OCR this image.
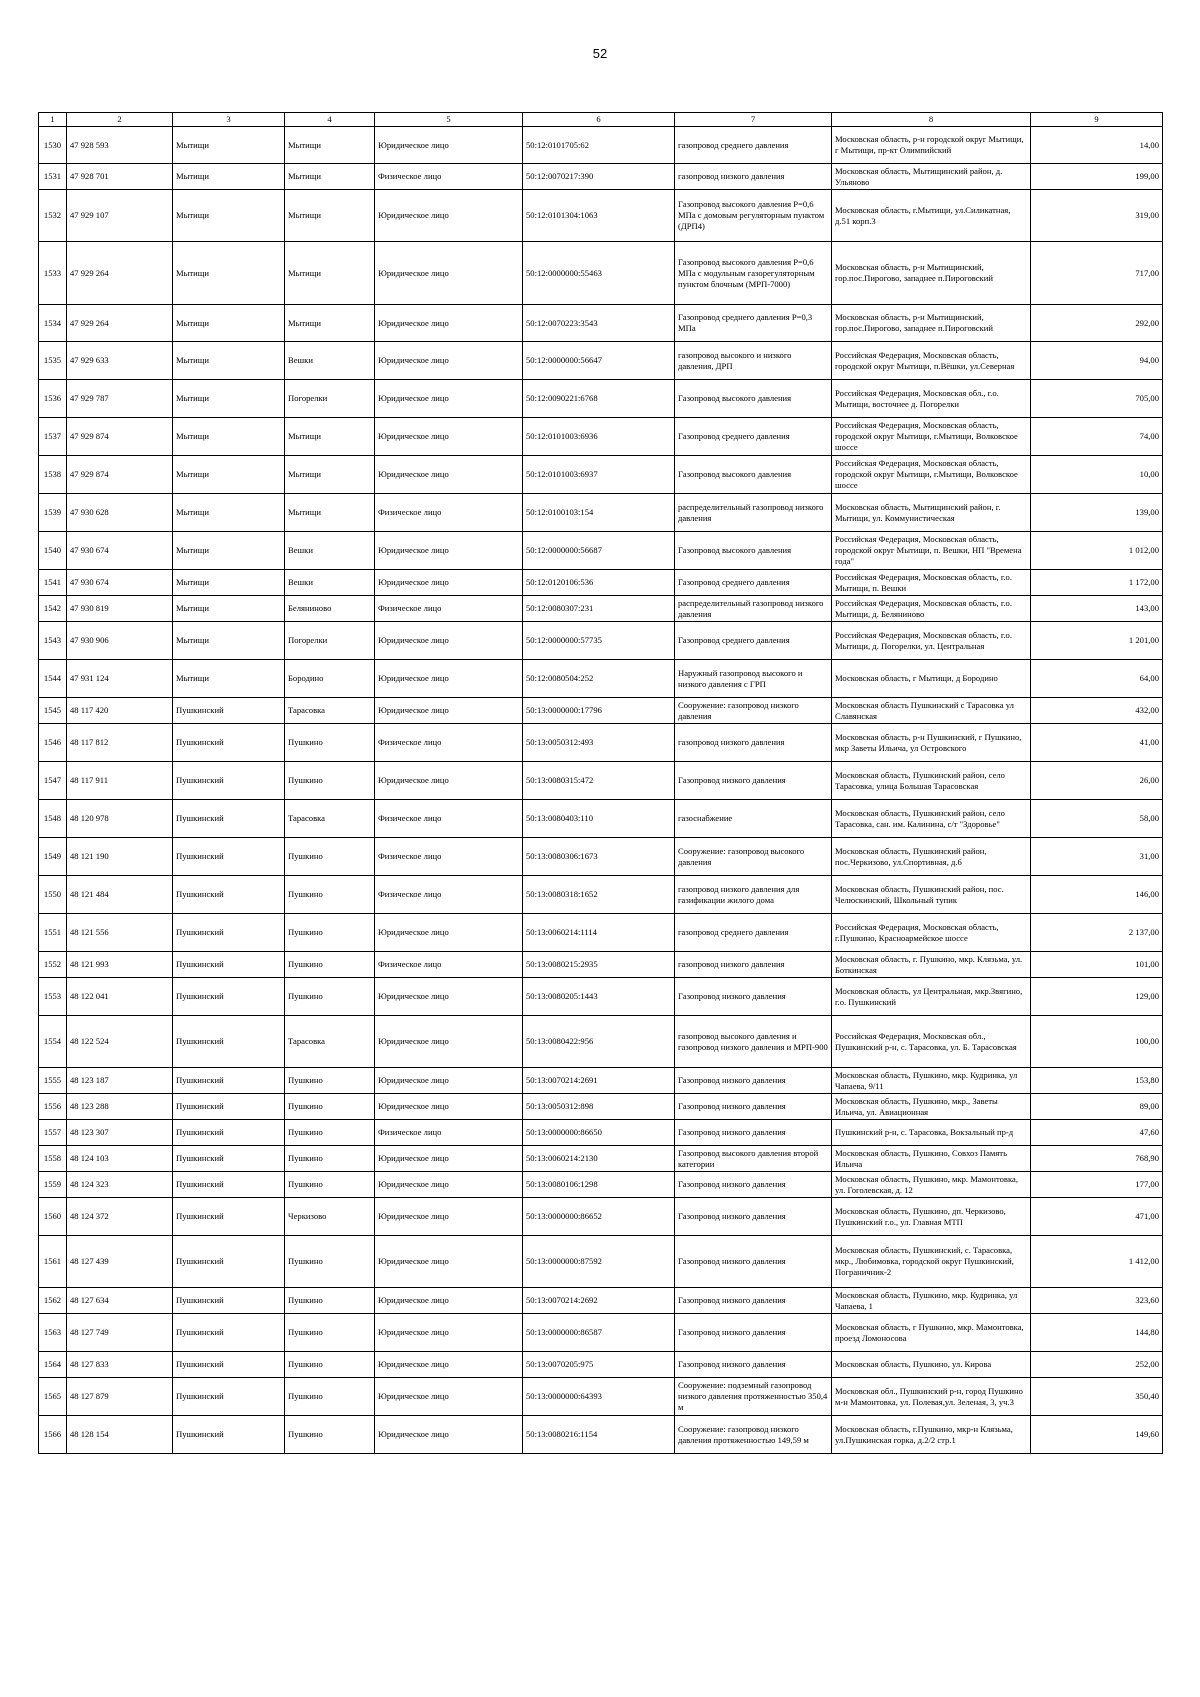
52
1	2	3	4	5	6	7	8	9
1530	47 928 593	Мытищи	Мытищи	Юридическое лицо	50:12:0101705:62	газопровод среднего давления	Московская область, р-н городской округ Мытищи, г Мытищи, пр-кт Олимпийский	14,00
1531	47 928 701	Мытищи	Мытищи	Физическое лицо	50:12:0070217:390	газопровод низкого давления	Московская область, Мытищинский район, д. Ульяново	199,00
1532	47 929 107	Мытищи	Мытищи	Юридическое лицо	50:12:0101304:1063	Газопровод высокого давления Р=0,6 МПа с домовым регуляторным пунктом (ДРП4)	Московская область, г.Мытищи, ул.Силикатная, д.51 корп.3	319,00
1533	47 929 264	Мытищи	Мытищи	Юридическое лицо	50:12:0000000:55463	Газопровод высокого давления Р=0,6 МПа с модульным газорегуляторным пунктом блочным (МРП-7000)	Московская область, р-н Мытищинский, гор.пос.Пирогово, западнее п.Пироговский	717,00
1534	47 929 264	Мытищи	Мытищи	Юридическое лицо	50:12:0070223:3543	Газопровод среднего давления Р=0,3 МПа	Московская область, р-н Мытищинский, гор.пос.Пирогово, западнее п.Пироговский	292,00
1535	47 929 633	Мытищи	Вешки	Юридическое лицо	50:12:0000000:56647	газопровод высокого и низкого давления, ДРП	Российская Федерация, Московская область, городской округ Мытищи, п.Вёшки, ул.Северная	94,00
1536	47 929 787	Мытищи	Погорелки	Юридическое лицо	50:12:0090221:6768	Газопровод высокого давления	Российская Федерация, Московская обл., г.о. Мытищи, восточнее д. Погорелки	705,00
1537	47 929 874	Мытищи	Мытищи	Юридическое лицо	50:12:0101003:6936	Газопровод среднего давления	Российская Федерация, Московская область, городской округ Мытищи, г.Мытищи, Волковское шоссе	74,00
1538	47 929 874	Мытищи	Мытищи	Юридическое лицо	50:12:0101003:6937	Газопровод высокого давления	Российская Федерация, Московская область, городской округ Мытищи, г.Мытищи, Волковское шоссе	10,00
1539	47 930 628	Мытищи	Мытищи	Физическое лицо	50:12:0100103:154	распределительный газопровод низкого давления	Московская область, Мытищинский район, г. Мытищи, ул. Коммунистическая	139,00
1540	47 930 674	Мытищи	Вешки	Юридическое лицо	50:12:0000000:56687	Газопровод высокого давления	Российская Федерация, Московская область, городской округ Мытищи, п. Вешки, НП "Времена года"	1 012,00
1541	47 930 674	Мытищи	Вешки	Юридическое лицо	50:12:0120106:536	Газопровод среднего давления	Российская Федерация, Московская область, г.о. Мытищи, п. Вешки	1 172,00
1542	47 930 819	Мытищи	Беляниново	Физическое лицо	50:12:0080307:231	распределительный газопровод низкого давления	Российская Федерация, Московская область, г.о. Мытищи, д. Беляниново	143,00
1543	47 930 906	Мытищи	Погорелки	Юридическое лицо	50:12:0000000:57735	Газопровод среднего давления	Российская Федерация, Московская область, г.о. Мытищи, д. Погорелки, ул. Центральная	1 201,00
1544	47 931 124	Мытищи	Бородино	Юридическое лицо	50:12:0080504:252	Наружный газопровод высокого и низкого давления с ГРП	Московская область, г Мытищи, д Бородино	64,00
1545	48 117 420	Пушкинский	Тарасовка	Юридическое лицо	50:13:0000000:17796	Сооружение: газопровод низкого давления	Московская область Пушкинский с Тарасовка ул Славянская	432,00
1546	48 117 812	Пушкинский	Пушкино	Физическое лицо	50:13:0050312:493	газопровод низкого давления	Московская область, р-н Пушкинский, г Пушкино, мкр Заветы Ильича, ул Островского	41,00
1547	48 117 911	Пушкинский	Пушкино	Юридическое лицо	50:13:0080315:472	Газопровод низкого давления	Московская область, Пушкинский район, село Тарасовка, улица Большая Тарасовская	26,00
1548	48 120 978	Пушкинский	Тарасовка	Физическое лицо	50:13:0080403:110	газоснабжение	Московская область, Пушкинский район, село Тарасовка, сан. им. Калинина, с/т "Здоровье"	58,00
1549	48 121 190	Пушкинский	Пушкино	Физическое лицо	50:13:0080306:1673	Сооружение: газопровод высокого давления	Московская область, Пушкинский район, пос.Черкизово, ул.Спортивная, д.6	31,00
1550	48 121 484	Пушкинский	Пушкино	Физическое лицо	50:13:0080318:1652	газопровод низкого давления для газификации жилого дома	Московская область, Пушкинский район, пос. Челюскинский, Школьный тупик	146,00
1551	48 121 556	Пушкинский	Пушкино	Юридическое лицо	50:13:0060214:1114	газопровод среднего давления	Российская Федерация, Московская область, г.Пушкино, Красноармейское шоссе	2 137,00
1552	48 121 993	Пушкинский	Пушкино	Физическое лицо	50:13:0080215:2935	газопровод низкого давления	Московская область, г. Пушкино, мкр. Клязьма, ул. Боткинская	101,00
1553	48 122 041	Пушкинский	Пушкино	Юридическое лицо	50:13:0080205:1443	Газопровод низкого давления	Московская область, ул Центральная, мкр.Звягино, г.о. Пушкинский	129,00
1554	48 122 524	Пушкинский	Тарасовка	Юридическое лицо	50:13:0080422:956	газопровод высокого давления и газопровод низкого давления и МРП-900	Российская Федерация, Московская обл., Пушкинский р-н, с. Тарасовка, ул. Б. Тарасовская	100,00
1555	48 123 187	Пушкинский	Пушкино	Юридическое лицо	50:13:0070214:2691	Газопровод низкого давления	Московская область, Пушкино, мкр. Кудринка, ул Чапаева, 9/11	153,80
1556	48 123 288	Пушкинский	Пушкино	Юридическое лицо	50:13:0050312:898	Газопровод низкого давления	Московская область, Пушкино, мкр., Заветы Ильича, ул. Авиационная	89,00
1557	48 123 307	Пушкинский	Пушкино	Физическое лицо	50:13:0000000:86650	Газопровод низкого давления	Пушкинский р-н, с. Тарасовка, Вокзальный пр-д	47,60
1558	48 124 103	Пушкинский	Пушкино	Юридическое лицо	50:13:0060214:2130	Газопровод высокого давления второй категории	Московская область, Пушкино, Совхоз Память Ильича	768,90
1559	48 124 323	Пушкинский	Пушкино	Юридическое лицо	50:13:0080106:1298	Газопровод низкого давления	Московская область, Пушкино, мкр. Мамонтовка, ул. Гоголевская, д. 12	177,00
1560	48 124 372	Пушкинский	Черкизово	Юридическое лицо	50:13:0000000:86652	Газопровод низкого давления	Московская область, Пушкино, дп. Черкизово, Пушкинский г.о., ул. Главная МТП	471,00
1561	48 127 439	Пушкинский	Пушкино	Юридическое лицо	50:13:0000000:87592	Газопровод низкого давления	Московская область, Пушкинский, с. Тарасовка, мкр., Любимовка, городской округ Пушкинский, Пограничник-2	1 412,00
1562	48 127 634	Пушкинский	Пушкино	Юридическое лицо	50:13:0070214:2692	Газопровод низкого давления	Московская область, Пушкино, мкр. Кудринка, ул Чапаева, 1	323,60
1563	48 127 749	Пушкинский	Пушкино	Юридическое лицо	50:13:0000000:86587	Газопровод низкого давления	Московская область, г Пушкино, мкр. Мамонтовка, проезд Ломоносова	144,80
1564	48 127 833	Пушкинский	Пушкино	Юридическое лицо	50:13:0070205:975	Газопровод низкого давления	Московская область, Пушкино, ул. Кирова	252,00
1565	48 127 879	Пушкинский	Пушкино	Юридическое лицо	50:13:0000000:64393	Сооружение: подземный газопровод низкого давления протяженностью 350,4 м	Московская обл., Пушкинский р-н, город Пушкино м-н Мамонтовка, ул. Полевая,ул. Зеленая, 3, уч.3	350,40
1566	48 128 154	Пушкинский	Пушкино	Юридическое лицо	50:13:0080216:1154	Сооружение: газопровод низкого давления протяженностью 149,59 м	Московская область, г.Пушкино, мкр-н Клязьма, ул.Пушкинская горка, д.2/2 стр.1	149,60
